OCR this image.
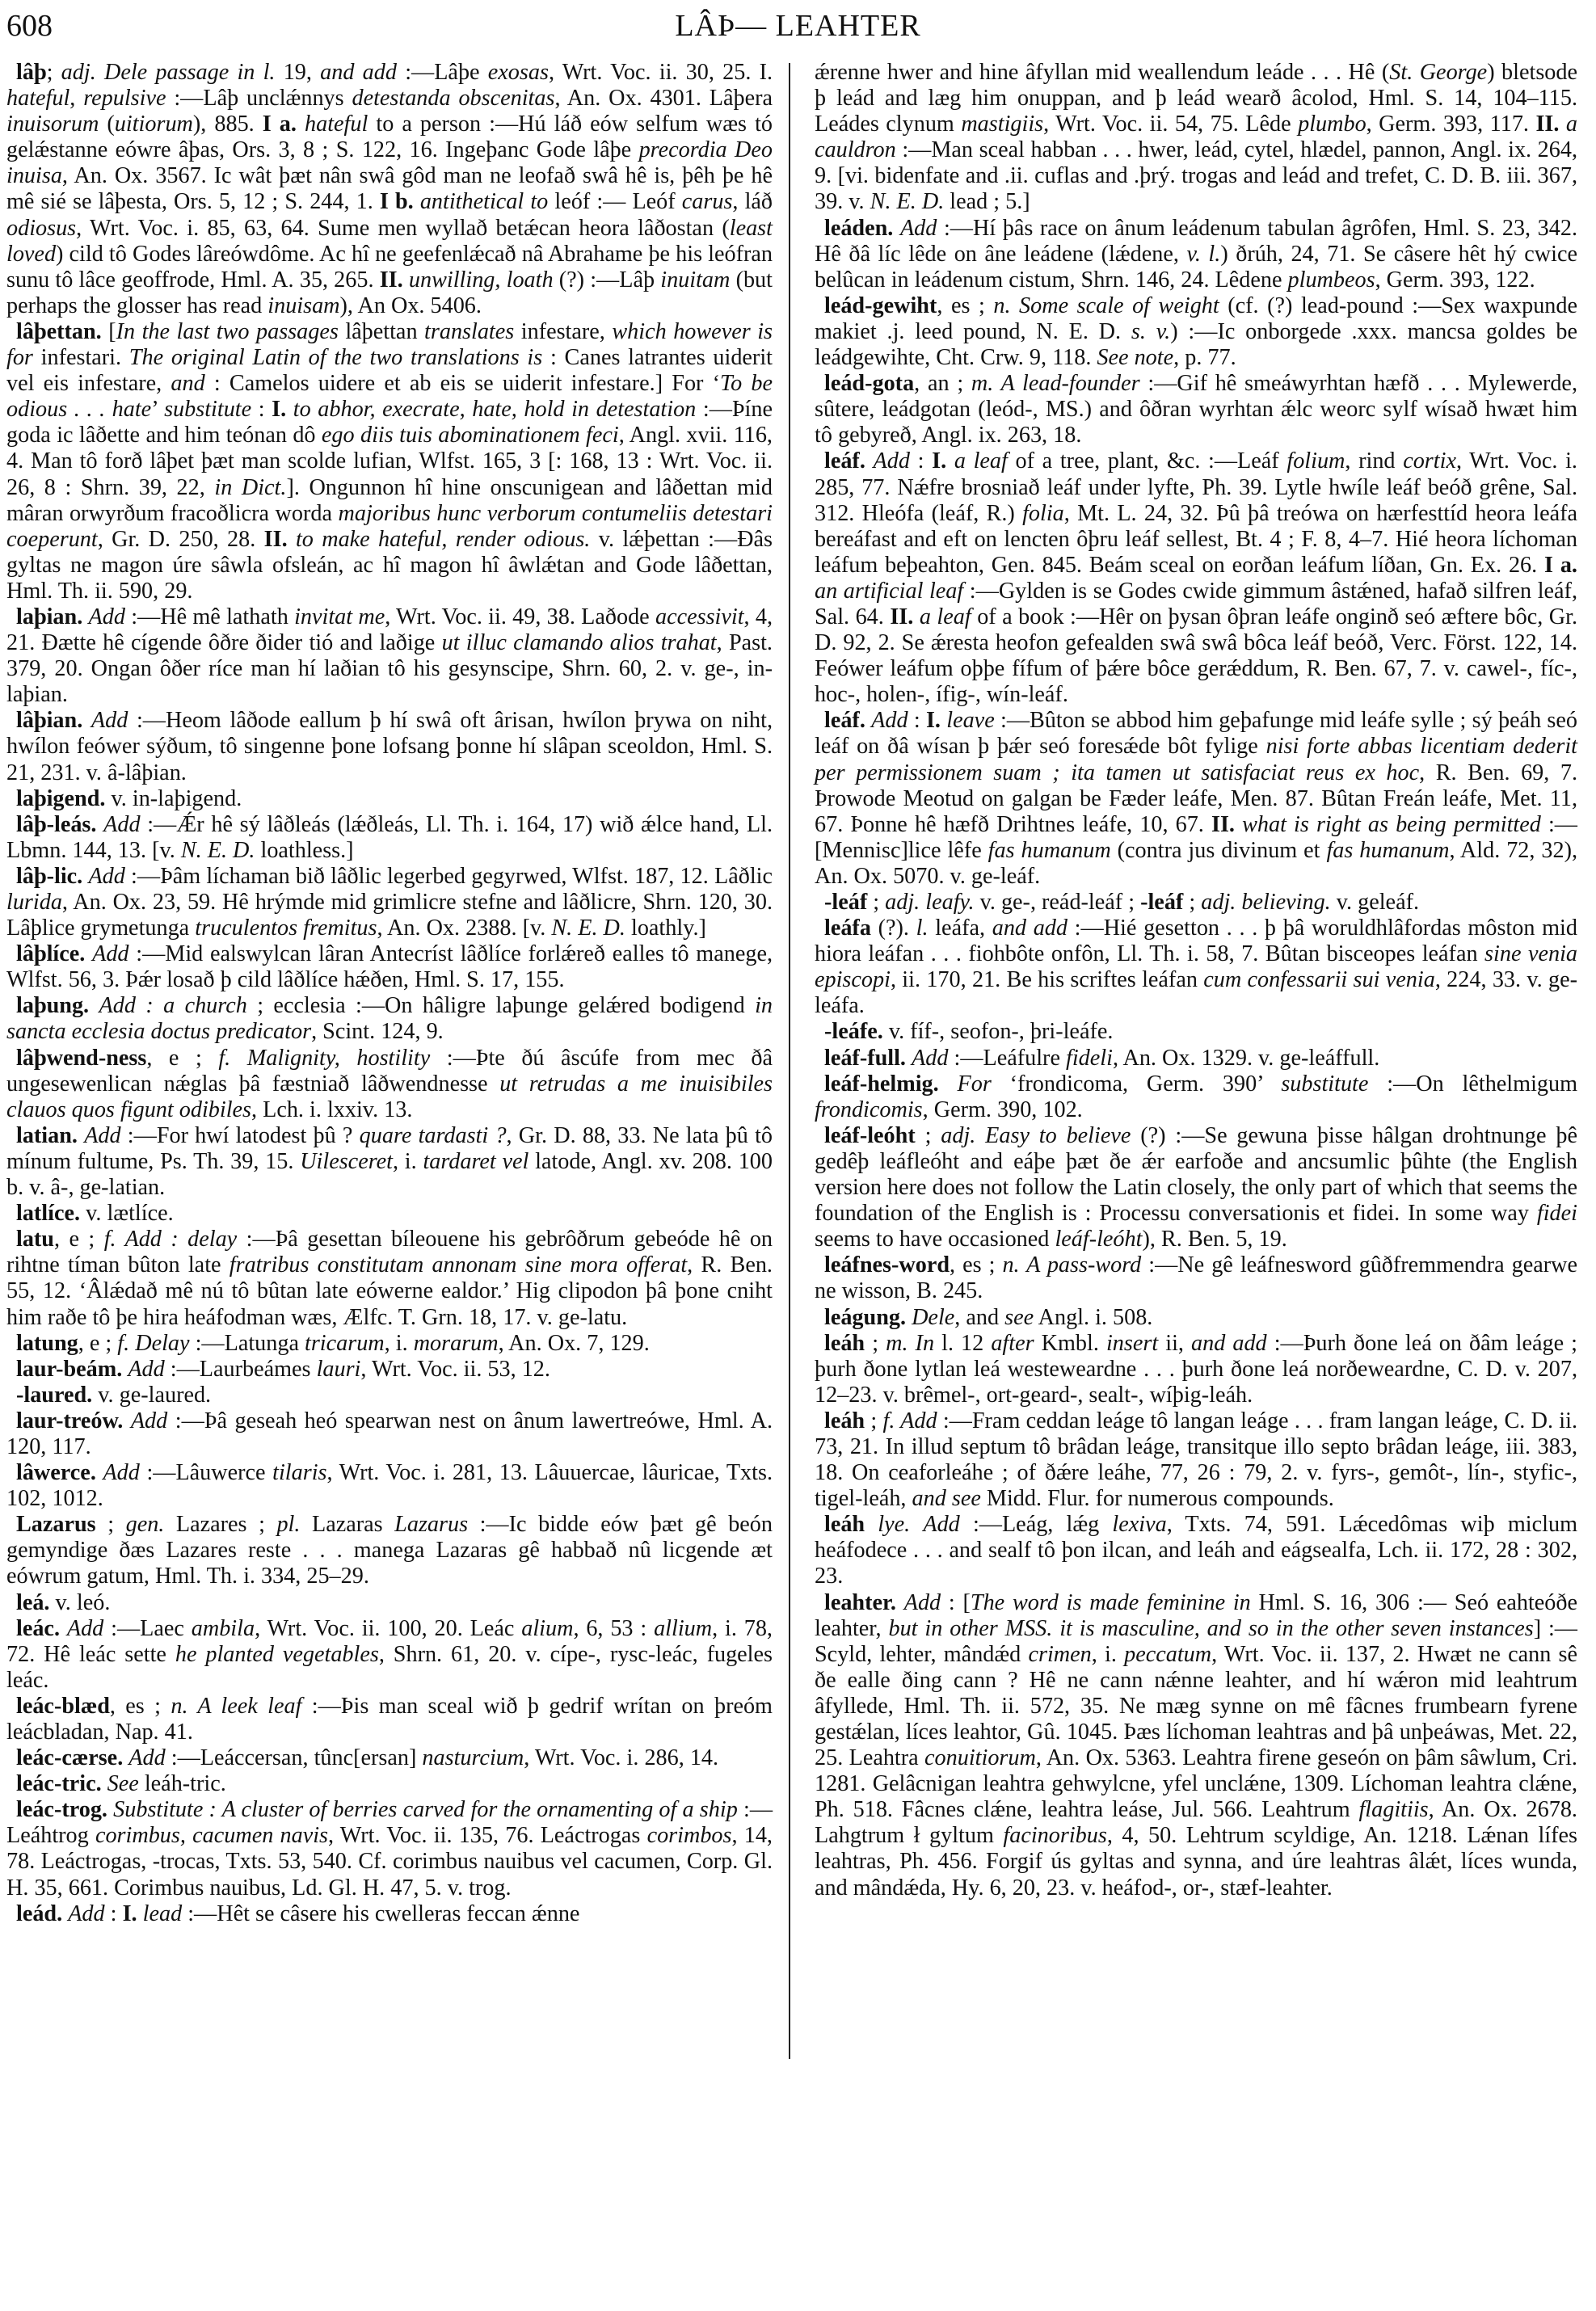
608	LÂÞ— LEAHTER

lâþ; adj. Dele passage in l. 19, and add :—Lâþe exosas, Wrt. Voc. ii. 30, 25. I. hateful, repulsive :—Lâþ unclǽnnys detestanda obscenitas, An. Ox. 4301. Lâþera inuisorum (uitiorum), 885. I a. hateful to a person :—Hú láð eów selfum wæs tó gelǽstanne eówre âþas, Ors. 3, 8 ; S. 122, 16. Ingeþanc Gode lâþe precordia Deo inuisa, An. Ox. 3567. Ic wât þæt nân swâ gôd man ne leofað swâ hê is, þêh þe hê mê sié se lâþesta, Ors. 5, 12 ; S. 244, 1. I b. antithetical to leóf :— Leóf carus, láð odiosus, Wrt. Voc. i. 85, 63, 64. Sume men wyllað betǽcan heora lâðostan (least loved) cild tô Godes lâreówdôme. Ac hî ne geefenlǽcað nâ Abrahame þe his leófran sunu tô lâce geoffrode, Hml. A. 35, 265. II. unwilling, loath (?) :—Lâþ inuitam (but perhaps the glosser has read inuisam), An Ox. 5406.

lâþettan. [In the last two passages lâþettan translates infestare, which however is for infestari. The original Latin of the two translations is : Canes latrantes uiderit vel eis infestare, and : Camelos uidere et ab eis se uiderit infestare.] For ‘To be odious . . . hate’ substitute : I. to abhor, execrate, hate, hold in detestation :—Þíne goda ic lâðette and him teónan dô ego diis tuis abominationem feci, Angl. xvii. 116, 4. Man tô forð lâþet þæt man scolde lufian, Wlfst. 165, 3 [: 168, 13 : Wrt. Voc. ii. 26, 8 : Shrn. 39, 22, in Dict.]. Ongunnon hî hine onscunigean and lâðettan mid mâran orwyrðum fracoðlicra worda majoribus hunc verborum contumeliis detestari coeperunt, Gr. D. 250, 28. II. to make hateful, render odious. v. lǽþettan :—Ðâs gyltas ne magon úre sâwla ofsleán, ac hî magon hî âwlǽtan and Gode lâðettan, Hml. Th. ii. 590, 29.

laþian. Add :—Hê mê lathath invitat me, Wrt. Voc. ii. 49, 38. Laðode accessivit, 4, 21. Ðætte hê cígende ôðre ðider tió and laðige ut illuc clamando alios trahat, Past. 379, 20. Ongan ôðer ríce man hí laðian tô his gesynscipe, Shrn. 60, 2. v. ge-, in-laþian.

lâþian. Add :—Heom lâðode eallum þ hí swâ oft ârisan, hwílon þrywa on niht, hwílon feówer sýðum, tô singenne þone lofsang þonne hí slâpan sceoldon, Hml. S. 21, 231. v. â-lâþian.

laþigend. v. in-laþigend.

lâþ-leás. Add :—Ǽr hê sý lâðleás (lǽðleás, Ll. Th. i. 164, 17) wið ǽlce hand, Ll. Lbmn. 144, 13. [v. N. E. D. loathless.]

lâþ-lic. Add :—Þâm líchaman bið lâðlic legerbed gegyrwed, Wlfst. 187, 12. Lâðlic lurida, An. Ox. 23, 59. Hê hrýmde mid grimlicre stefne and lâðlicre, Shrn. 120, 30. Lâþlice grymetunga truculentos fremitus, An. Ox. 2388. [v. N. E. D. loathly.]

lâþlíce. Add :—Mid ealswylcan lâran Antecríst lâðlíce forlǽreð ealles tô manege, Wlfst. 56, 3. Þǽr losað þ cild lâðlíce hǽðen, Hml. S. 17, 155.

laþung. Add : a church ; ecclesia :—On hâligre laþunge gelǽred bodigend in sancta ecclesia doctus predicator, Scint. 124, 9.

lâþwend-ness, e ; f. Malignity, hostility :—Þte ðú âscúfe from mec ðâ ungesewenlican nǽglas þâ fæstniað lâðwendnesse ut retrudas a me inuisibiles clauos quos figunt odibiles, Lch. i. lxxiv. 13.

latian. Add :—For hwí latodest þû ? quare tardasti ?, Gr. D. 88, 33. Ne lata þû tô mínum fultume, Ps. Th. 39, 15. Uilesceret, i. tardaret vel latode, Angl. xv. 208. 100 b. v. â-, ge-latian.

latlíce. v. lætlíce.

latu, e ; f. Add : delay :—Þâ gesettan bíleouene his gebrôðrum gebeóde hê on rihtne tíman bûton late fratribus constitutam annonam sine mora offerat, R. Ben. 55, 12. ‘Âlǽdað mê nú tô bûtan late eówerne ealdor.’ Hig clipodon þâ þone cniht him raðe tô þe hira heáfodman wæs, Ælfc. T. Grn. 18, 17. v. ge-latu.

latung, e ; f. Delay :—Latunga tricarum, i. morarum, An. Ox. 7, 129.

laur-beám. Add :—Laurbeámes lauri, Wrt. Voc. ii. 53, 12.

-laured. v. ge-laured.

laur-treów. Add :—Þâ geseah heó spearwan nest on ânum lawertreówe, Hml. A. 120, 117.

lâwerce. Add :—Lâuwerce tilaris, Wrt. Voc. i. 281, 13. Lâuuercae, lâuricae, Txts. 102, 1012.

Lazarus ; gen. Lazares ; pl. Lazaras Lazarus :—Ic bidde eów þæt gê beón gemyndige ðæs Lazares reste . . . manega Lazaras gê habbað nû licgende æt eówrum gatum, Hml. Th. i. 334, 25–29.

leá. v. leó.

leác. Add :—Laec ambila, Wrt. Voc. ii. 100, 20. Leác alium, 6, 53 : allium, i. 78, 72. Hê leác sette he planted vegetables, Shrn. 61, 20. v. cípe-, rysc-leác, fugeles leác.

leác-blæd, es ; n. A leek leaf :—Þis man sceal wið þ gedrif wrítan on þreóm leácbladan, Nap. 41.

leác-cærse. Add :—Leáccersan, tûnc[ersan] nasturcium, Wrt. Voc. i. 286, 14.

leác-tric. See leáh-tric.

leác-trog. Substitute : A cluster of berries carved for the ornamenting of a ship :—Leáhtrog corimbus, cacumen navis, Wrt. Voc. ii. 135, 76. Leáctrogas corimbos, 14, 78. Leáctrogas, -trocas, Txts. 53, 540. Cf. corimbus nauibus vel cacumen, Corp. Gl. H. 35, 661. Corimbus nauibus, Ld. Gl. H. 47, 5. v. trog.

leád. Add : I. lead :—Hêt se câsere his cwelleras feccan ǽnne

ǽrenne hwer and hine âfyllan mid weallendum leáde . . . Hê (St. George) bletsode þ leád and læg him onuppan, and þ leád wearð âcolod, Hml. S. 14, 104–115. Leádes clynum mastigiis, Wrt. Voc. ii. 54, 75. Lêde plumbo, Germ. 393, 117. II. a cauldron :—Man sceal habban . . . hwer, leád, cytel, hlædel, pannon, Angl. ix. 264, 9. [vi. bidenfate and .ii. cuflas and .þrý. trogas and leád and trefet, C. D. B. iii. 367, 39. v. N. E. D. lead ; 5.]

leáden. Add :—Hí þâs race on ânum leádenum tabulan âgrôfen, Hml. S. 23, 342. Hê ðâ líc lêde on âne leádene (lǽdene, v. l.) ðrúh, 24, 71. Se câsere hêt hý cwice belûcan in leádenum cistum, Shrn. 146, 24. Lêdene plumbeos, Germ. 393, 122.

leád-gewiht, es ; n. Some scale of weight (cf. (?) lead-pound :—Sex waxpunde makiet .j. leed pound, N. E. D. s. v.) :—Ic onborgede .xxx. mancsa goldes be leádgewihte, Cht. Crw. 9, 118. See note, p. 77.

leád-gota, an ; m. A lead-founder :—Gif hê smeáwyrhtan hæfð . . . Mylewerde, sûtere, leádgotan (leód-, MS.) and ôðran wyrhtan ǽlc weorc sylf wísað hwæt him tô gebyreð, Angl. ix. 263, 18.

leáf. Add : I. a leaf of a tree, plant, &c. :—Leáf folium, rind cortix, Wrt. Voc. i. 285, 77. Nǽfre brosniað leáf under lyfte, Ph. 39. Lytle hwíle leáf beóð grêne, Sal. 312. Hleófa (leáf, R.) folia, Mt. L. 24, 32. Þû þâ treówa on hærfesttíd heora leáfa bereáfast and eft on lencten ôþru leáf sellest, Bt. 4 ; F. 8, 4–7. Hié heora líchoman leáfum beþeahton, Gen. 845. Beám sceal on eorðan leáfum líðan, Gn. Ex. 26. I a. an artificial leaf :—Gylden is se Godes cwide gimmum âstǽned, hafað silfren leáf, Sal. 64. II. a leaf of a book :—Hêr on þysan ôþran leáfe onginð seó æftere bôc, Gr. D. 92, 2. Se ǽresta heofon gefealden swâ swâ bôca leáf beóð, Verc. Först. 122, 14. Feówer leáfum oþþe fífum of þǽre bôce gerǽddum, R. Ben. 67, 7. v. cawel-, fíc-, hoc-, holen-, ífig-, wín-leáf.

leáf. Add : I. leave :—Bûton se abbod him geþafunge mid leáfe sylle ; sý þeáh seó leáf on ðâ wísan þ þǽr seó foresǽde bôt fylige nisi forte abbas licentiam dederit per permissionem suam ; ita tamen ut satisfaciat reus ex hoc, R. Ben. 69, 7. Þrowode Meotud on galgan be Fæder leáfe, Men. 87. Bûtan Freán leáfe, Met. 11, 67. Þonne hê hæfð Drihtnes leáfe, 10, 67. II. what is right as being permitted :—[Mennisc]lice lêfe fas humanum (contra jus divinum et fas humanum, Ald. 72, 32), An. Ox. 5070. v. ge-leáf.

-leáf ; adj. leafy. v. ge-, reád-leáf ; -leáf ; adj. believing. v. geleáf.

leáfa (?). l. leáfa, and add :—Hié gesetton . . . þ þâ woruldhlâfordas môston mid hiora leáfan . . . fiohbôte onfôn, Ll. Th. i. 58, 7. Bûtan bisceopes leáfan sine venia episcopi, ii. 170, 21. Be his scriftes leáfan cum confessarii sui venia, 224, 33. v. ge-leáfa.

-leáfe. v. fíf-, seofon-, þri-leáfe.

leáf-full. Add :—Leáfulre fideli, An. Ox. 1329. v. ge-leáffull.

leáf-helmig. For ‘frondicoma, Germ. 390’ substitute :—On lêthelmigum frondicomis, Germ. 390, 102.

leáf-leóht ; adj. Easy to believe (?) :—Se gewuna þisse hâlgan drohtnunge þê gedêþ leáfleóht and eáþe þæt ðe ǽr earfoðe and ancsumlic þûhte (the English version here does not follow the Latin closely, the only part of which that seems the foundation of the English is : Processu conversationis et fidei. In some way fidei seems to have occasioned leáf-leóht), R. Ben. 5, 19.

leáfnes-word, es ; n. A pass-word :—Ne gê leáfnesword gûðfremmendra gearwe ne wisson, B. 245.

leágung. Dele, and see Angl. i. 508.

leáh ; m. In l. 12 after Kmbl. insert ii, and add :—Þurh ðone leá on ðâm leáge ; þurh ðone lytlan leá westeweardne . . . þurh ðone leá norðeweardne, C. D. v. 207, 12–23. v. brêmel-, ort-geard-, sealt-, wíþig-leáh.

leáh ; f. Add :—Fram ceddan leáge tô langan leáge . . . fram langan leáge, C. D. ii. 73, 21. In illud septum tô brâdan leáge, transitque illo septo brâdan leáge, iii. 383, 18. On ceaforleáhe ; of ðǽre leáhe, 77, 26 : 79, 2. v. fyrs-, gemôt-, lín-, styfic-, tigel-leáh, and see Midd. Flur. for numerous compounds.

leáh lye. Add :—Leág, lǽg lexiva, Txts. 74, 591. Lǽcedômas wiþ miclum heáfodece . . . and sealf tô þon ilcan, and leáh and eágsealfa, Lch. ii. 172, 28 : 302, 23.

leahter. Add : [The word is made feminine in Hml. S. 16, 306 :— Seó eahteóðe leahter, but in other MSS. it is masculine, and so in the other seven instances] :—Scyld, lehter, mândǽd crimen, i. peccatum, Wrt. Voc. ii. 137, 2. Hwæt ne cann sê ðe ealle ðing cann ? Hê ne cann nǽnne leahter, and hí wǽron mid leahtrum âfyllede, Hml. Th. ii. 572, 35. Ne mæg synne on mê fâcnes frumbearn fyrene gestǽlan, líces leahtor, Gû. 1045. Þæs líchoman leahtras and þâ unþeáwas, Met. 22, 25. Leahtra conuitiorum, An. Ox. 5363. Leahtra firene geseón on þâm sâwlum, Cri. 1281. Gelâcnigan leahtra gehwylcne, yfel unclǽne, 1309. Líchoman leahtra clǽne, Ph. 518. Fâcnes clǽne, leahtra leáse, Jul. 566. Leahtrum flagitiis, An. Ox. 2678. Lahgtrum ł gyltum facinoribus, 4, 50. Lehtrum scyldige, An. 1218. Lǽnan lífes leahtras, Ph. 456. Forgif ús gyltas and synna, and úre leahtras âlǽt, líces wunda, and mândǽda, Hy. 6, 20, 23. v. heáfod-, or-, stæf-leahter.
